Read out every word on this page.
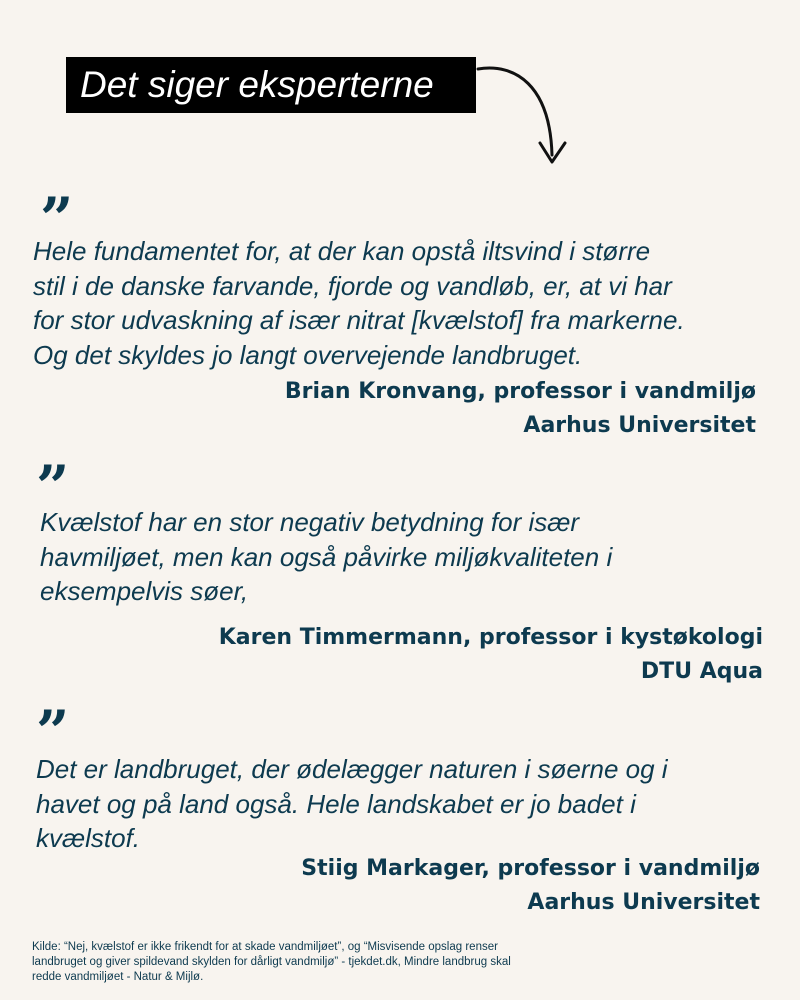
Det siger eksperterne
”
Hele fundamentet for, at der kan opstå iltsvind i større
stil i de danske farvande, fjorde og vandløb, er, at vi har
for stor udvaskning af især nitrat [kvælstof] fra markerne.
Og det skyldes jo langt overvejende landbruget.
Brian Kronvang, professor i vandmiljø
Aarhus Universitet
”
Kvælstof har en stor negativ betydning for især
havmiljøet, men kan også påvirke miljøkvaliteten i
eksempelvis søer,
Karen Timmermann, professor i kystøkologi
DTU Aqua
”
Det er landbruget, der ødelægger naturen i søerne og i
havet og på land også. Hele landskabet er jo badet i
kvælstof.
Stiig Markager, professor i vandmiljø
Aarhus Universitet
Kilde: “Nej, kvælstof er ikke frikendt for at skade vandmiljøet”, og “Misvisende opslag renser
landbruget og giver spildevand skylden for dårligt vandmiljø” - tjekdet.dk, Mindre landbrug skal
redde vandmiljøet - Natur & Mijlø.
